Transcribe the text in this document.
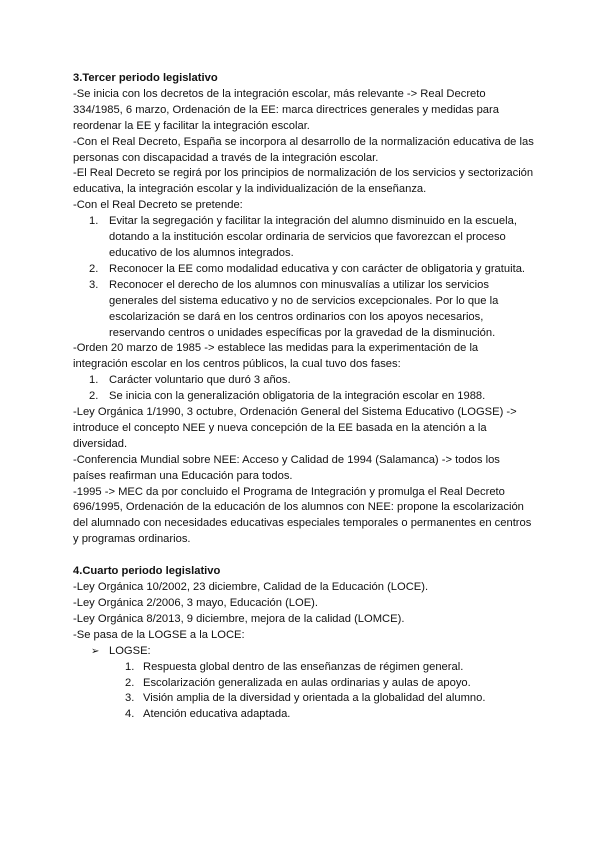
3.Tercer periodo legislativo

-Se inicia con los decretos de la integración escolar, más relevante -> Real Decreto 334/1985, 6 marzo, Ordenación de la EE: marca directrices generales y medidas para reordenar la EE y facilitar la integración escolar.

-Con el Real Decreto, España se incorpora al desarrollo de la normalización educativa de las personas con discapacidad a través de la integración escolar.

-El Real Decreto se regirá por los principios de normalización de los servicios y sectorización educativa, la integración escolar y la individualización de la enseñanza.

-Con el Real Decreto se pretende:

1. Evitar la segregación y facilitar la integración del alumno disminuido en la escuela, dotando a la institución escolar ordinaria de servicios que favorezcan el proceso educativo de los alumnos integrados.
2. Reconocer la EE como modalidad educativa y con carácter de obligatoria y gratuita.
3. Reconocer el derecho de los alumnos con minusvalías a utilizar los servicios generales del sistema educativo y no de servicios excepcionales. Por lo que la escolarización se dará en los centros ordinarios con los apoyos necesarios, reservando centros o unidades específicas por la gravedad de la disminución.

-Orden 20 marzo de 1985 -> establece las medidas para la experimentación de la integración escolar en los centros públicos, la cual tuvo dos fases:

1. Carácter voluntario que duró 3 años.
2. Se inicia con la generalización obligatoria de la integración escolar en 1988.

-Ley Orgánica 1/1990, 3 octubre, Ordenación General del Sistema Educativo (LOGSE) -> introduce el concepto NEE y nueva concepción de la EE basada en la atención a la diversidad.

-Conferencia Mundial sobre NEE: Acceso y Calidad de 1994 (Salamanca) -> todos los países reafirman una Educación para todos.

-1995 -> MEC da por concluido el Programa de Integración y promulga el Real Decreto 696/1995, Ordenación de la educación de los alumnos con NEE: propone la escolarización del alumnado con necesidades educativas especiales temporales o permanentes en centros y programas ordinarios.

4.Cuarto periodo legislativo

-Ley Orgánica 10/2002, 23 diciembre, Calidad de la Educación (LOCE).

-Ley Orgánica 2/2006, 3 mayo, Educación (LOE).

-Ley Orgánica 8/2013, 9 diciembre, mejora de la calidad (LOMCE).

-Se pasa de la LOGSE a la LOCE:

➢ LOGSE:
1. Respuesta global dentro de las enseñanzas de régimen general.
2. Escolarización generalizada en aulas ordinarias y aulas de apoyo.
3. Visión amplia de la diversidad y orientada a la globalidad del alumno.
4. Atención educativa adaptada.
